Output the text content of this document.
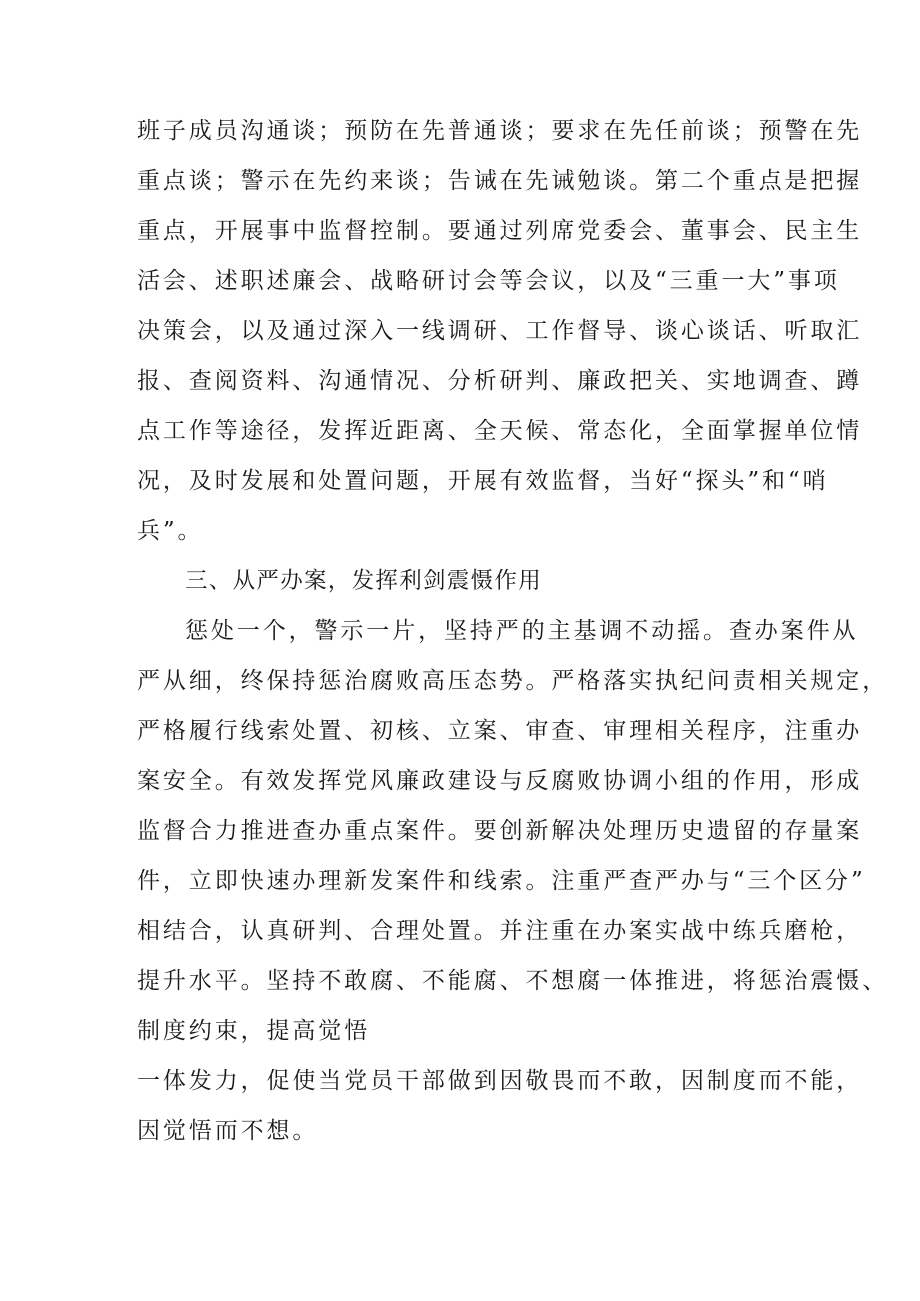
班子成员沟通谈；预防在先普通谈；要求在先任前谈；预警在先
重点谈；警示在先约来谈；告诫在先诫勉谈。第二个重点是把握
重点，开展事中监督控制。要通过列席党委会、董事会、民主生
活会、述职述廉会、战略研讨会等会议，以及“三重一大”事项
决策会，以及通过深入一线调研、工作督导、谈心谈话、听取汇
报、查阅资料、沟通情况、分析研判、廉政把关、实地调查、蹲
点工作等途径，发挥近距离、全天候、常态化，全面掌握单位情
况，及时发展和处置问题，开展有效监督，当好“探头”和“哨
兵”。
三、从严办案，发挥利剑震慑作用
惩处一个，警示一片，坚持严的主基调不动摇。查办案件从
严从细，终保持惩治腐败高压态势。严格落实执纪问责相关规定，
严格履行线索处置、初核、立案、审查、审理相关程序，注重办
案安全。有效发挥党风廉政建设与反腐败协调小组的作用，形成
监督合力推进查办重点案件。要创新解决处理历史遗留的存量案
件，立即快速办理新发案件和线索。注重严查严办与“三个区分”
相结合，认真研判、合理处置。并注重在办案实战中练兵磨枪，
提升水平。坚持不敢腐、不能腐、不想腐一体推进，将惩治震慑、
制度约束，提高觉悟
一体发力，促使当党员干部做到因敬畏而不敢，因制度而不能，
因觉悟而不想。
